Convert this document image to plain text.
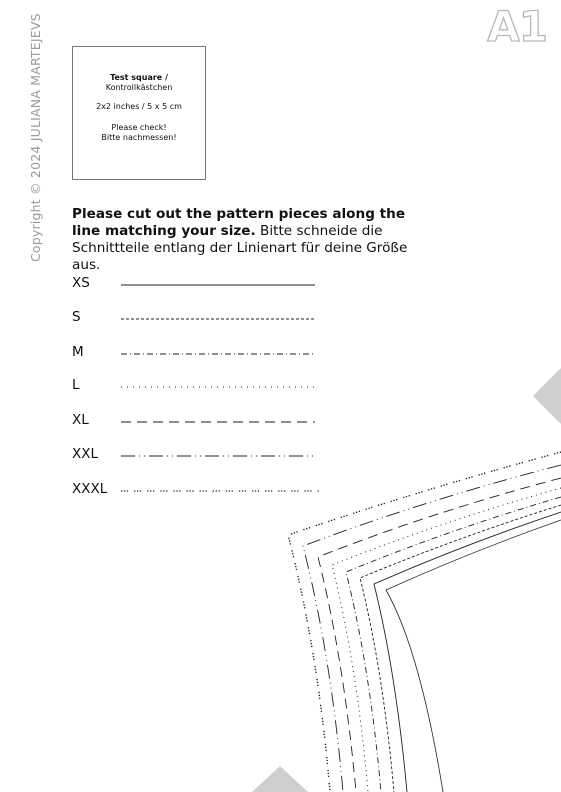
Copyright © 2024 JULIANA MARTEJEVS	A1
Test square /
Kontrollkästchen
2x2 inches / 5 x 5 cm
Please check!
Bitte nachmessen!
Please cut out the pattern pieces along the line matching your size. Bitte schneide die Schnittteile entlang der Linienart für deine Größe aus.
XS
S
M
L
XL
XXL
XXXL
